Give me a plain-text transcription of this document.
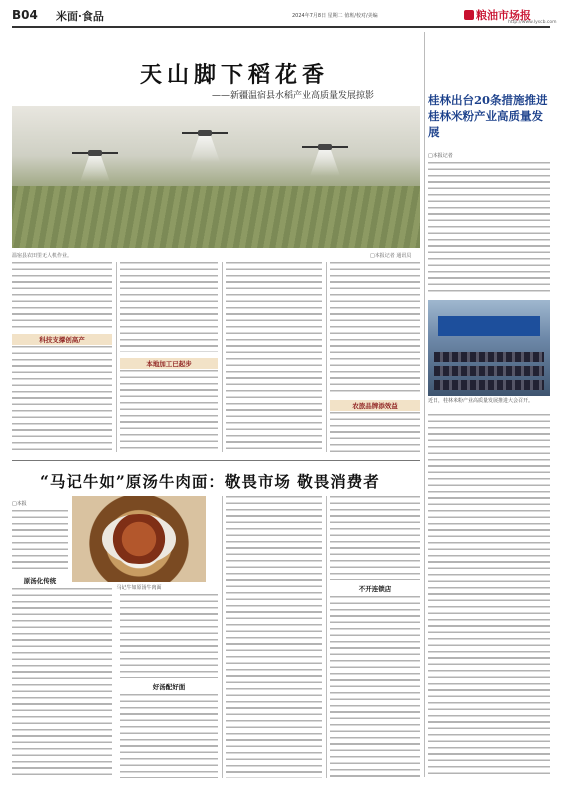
B04 米面·食品	2024年7月8日 星期二 值班/校对/美编	粮油市场报
http://www.lyscb.com
天山脚下稻花香
——新疆温宿县水稻产业高质量发展掠影
温宿县农田里无人机作业。	□本报记者 通讯员
科技支撑创高产
本地加工已起步
农旅品牌添效益
桂林出台20条措施推进桂林米粉产业高质量发展
□本报记者
近日，桂林米粉产业高质量发展推进大会召开。
“马记牛如”原汤牛肉面：敬畏市场 敬畏消费者
□本报
原汤化传统
马记牛如原汤牛肉面
好汤配好面
不开连锁店
